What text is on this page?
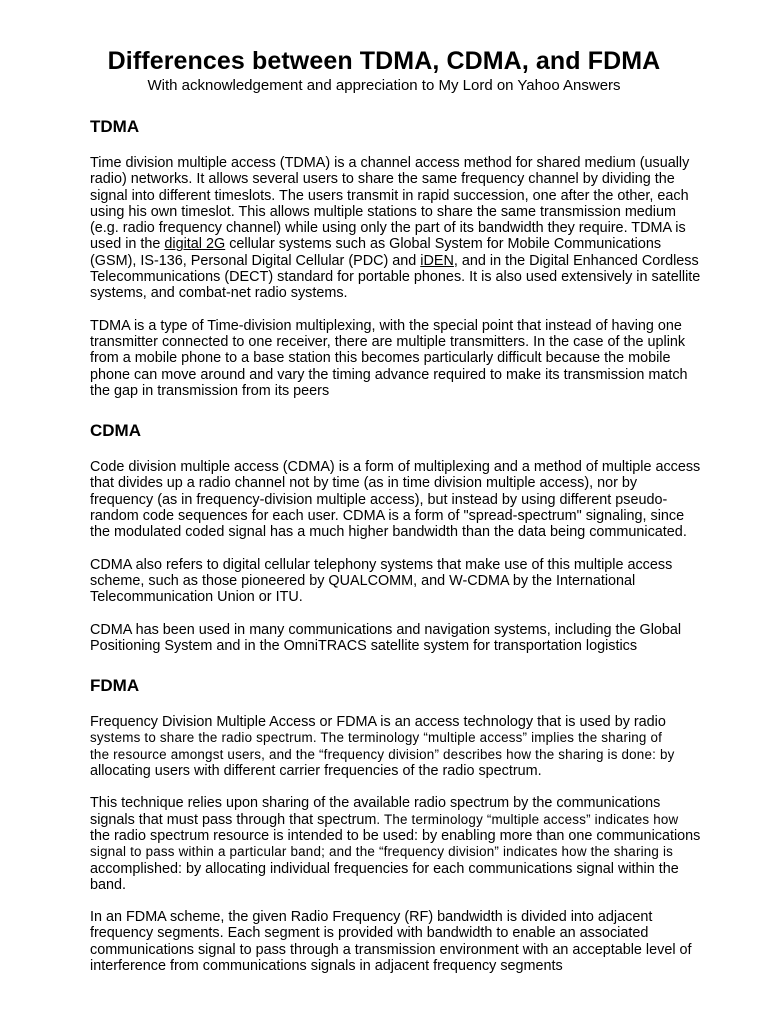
Differences between TDMA, CDMA, and FDMA
With acknowledgement and appreciation to My Lord on Yahoo Answers
TDMA

Time division multiple access (TDMA) is a channel access method for shared medium (usually
radio) networks. It allows several users to share the same frequency channel by dividing the
signal into different timeslots. The users transmit in rapid succession, one after the other, each
using his own timeslot. This allows multiple stations to share the same transmission medium
(e.g. radio frequency channel) while using only the part of its bandwidth they require. TDMA is
used in the digital 2G cellular systems such as Global System for Mobile Communications
(GSM), IS-136, Personal Digital Cellular (PDC) and iDEN, and in the Digital Enhanced Cordless
Telecommunications (DECT) standard for portable phones. It is also used extensively in satellite
systems, and combat-net radio systems.

TDMA is a type of Time-division multiplexing, with the special point that instead of having one
transmitter connected to one receiver, there are multiple transmitters. In the case of the uplink
from a mobile phone to a base station this becomes particularly difficult because the mobile
phone can move around and vary the timing advance required to make its transmission match
the gap in transmission from its peers

CDMA

Code division multiple access (CDMA) is a form of multiplexing and a method of multiple access
that divides up a radio channel not by time (as in time division multiple access), nor by
frequency (as in frequency-division multiple access), but instead by using different pseudo-
random code sequences for each user. CDMA is a form of "spread-spectrum" signaling, since
the modulated coded signal has a much higher bandwidth than the data being communicated.

CDMA also refers to digital cellular telephony systems that make use of this multiple access
scheme, such as those pioneered by QUALCOMM, and W-CDMA by the International
Telecommunication Union or ITU.

CDMA has been used in many communications and navigation systems, including the Global
Positioning System and in the OmniTRACS satellite system for transportation logistics

FDMA

Frequency Division Multiple Access or FDMA is an access technology that is used by radio
systems to share the radio spectrum. The terminology “multiple access” implies the sharing of
the resource amongst users, and the “frequency division” describes how the sharing is done: by
allocating users with different carrier frequencies of the radio spectrum.

This technique relies upon sharing of the available radio spectrum by the communications
signals that must pass through that spectrum. The terminology “multiple access” indicates how
the radio spectrum resource is intended to be used: by enabling more than one communications
signal to pass within a particular band; and the “frequency division” indicates how the sharing is
accomplished: by allocating individual frequencies for each communications signal within the
band.

In an FDMA scheme, the given Radio Frequency (RF) bandwidth is divided into adjacent
frequency segments. Each segment is provided with bandwidth to enable an associated
communications signal to pass through a transmission environment with an acceptable level of
interference from communications signals in adjacent frequency segments
